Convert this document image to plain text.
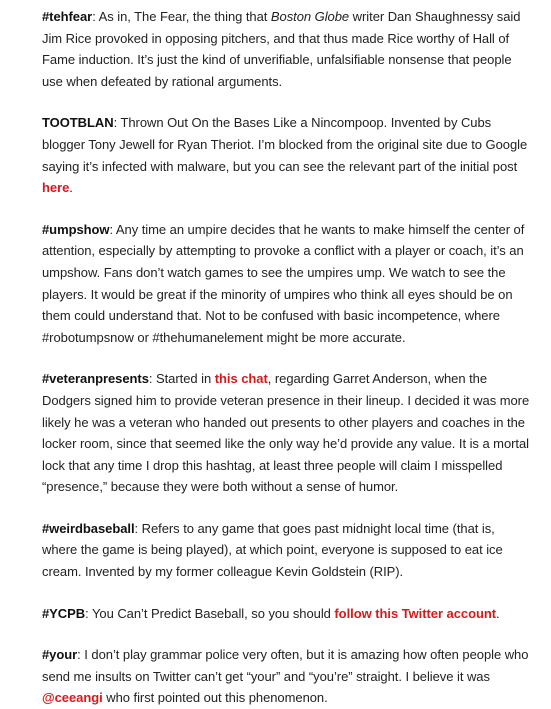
#tehfear: As in, The Fear, the thing that Boston Globe writer Dan Shaughnessy said Jim Rice provoked in opposing pitchers, and that thus made Rice worthy of Hall of Fame induction. It’s just the kind of unverifiable, unfalsifiable nonsense that people use when defeated by rational arguments.

TOOTBLAN: Thrown Out On the Bases Like a Nincompoop. Invented by Cubs blogger Tony Jewell for Ryan Theriot. I’m blocked from the original site due to Google saying it’s infected with malware, but you can see the relevant part of the initial post here.

#umpshow: Any time an umpire decides that he wants to make himself the center of attention, especially by attempting to provoke a conflict with a player or coach, it’s an umpshow. Fans don’t watch games to see the umpires ump. We watch to see the players. It would be great if the minority of umpires who think all eyes should be on them could understand that. Not to be confused with basic incompetence, where #robotumpsnow or #thehumanelement might be more accurate.

#veteranpresents: Started in this chat, regarding Garret Anderson, when the Dodgers signed him to provide veteran presence in their lineup. I decided it was more likely he was a veteran who handed out presents to other players and coaches in the locker room, since that seemed like the only way he’d provide any value. It is a mortal lock that any time I drop this hashtag, at least three people will claim I misspelled “presence,” because they were both without a sense of humor.

#weirdbaseball: Refers to any game that goes past midnight local time (that is, where the game is being played), at which point, everyone is supposed to eat ice cream. Invented by my former colleague Kevin Goldstein (RIP).

#YCPB: You Can’t Predict Baseball, so you should follow this Twitter account.

#your: I don’t play grammar police very often, but it is amazing how often people who send me insults on Twitter can’t get “your” and “you’re” straight. I believe it was @ceeangi who first pointed out this phenomenon.
